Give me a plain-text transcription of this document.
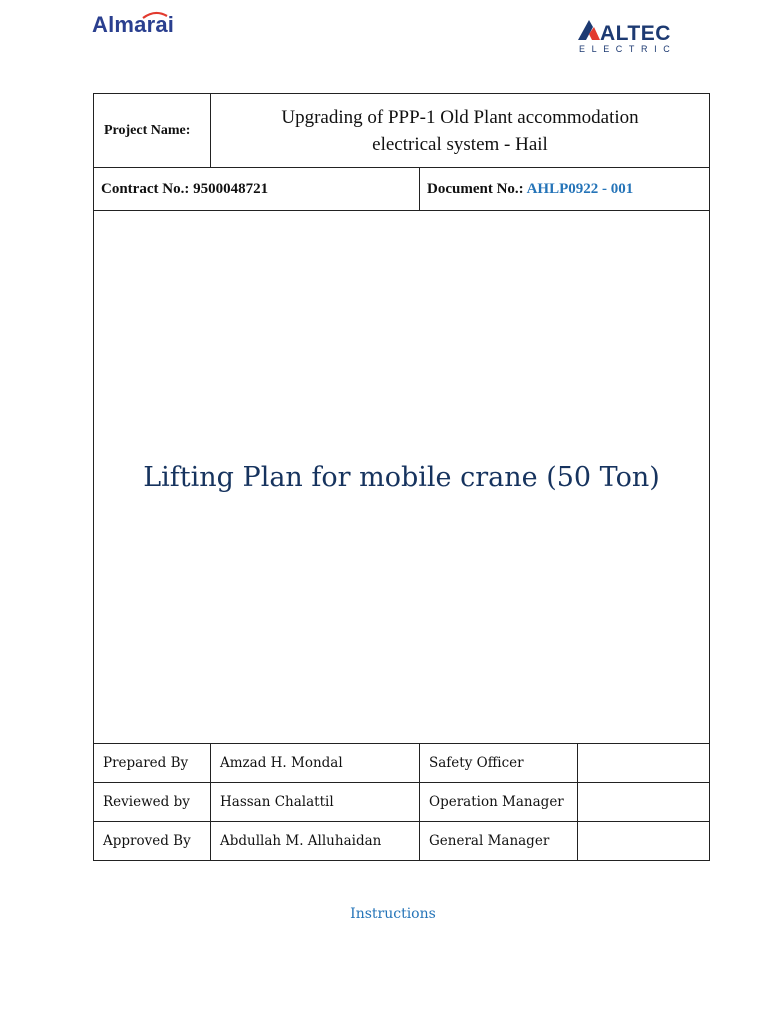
Almarai	ALTEC
ELECTRIC
Project Name:	Upgrading of PPP-1 Old Plant accommodation
electrical system - Hail		

Contract No.: 9500048721		Document No.: AHLP0922 - 001	
Lifting Plan for mobile crane (50 Ton)			
Prepared By	Amzad H. Mondal	Safety Officer	
Reviewed by	Hassan Chalattil	Operation Manager	
Approved By	Abdullah M. Alluhaidan	General Manager	
Instructions
